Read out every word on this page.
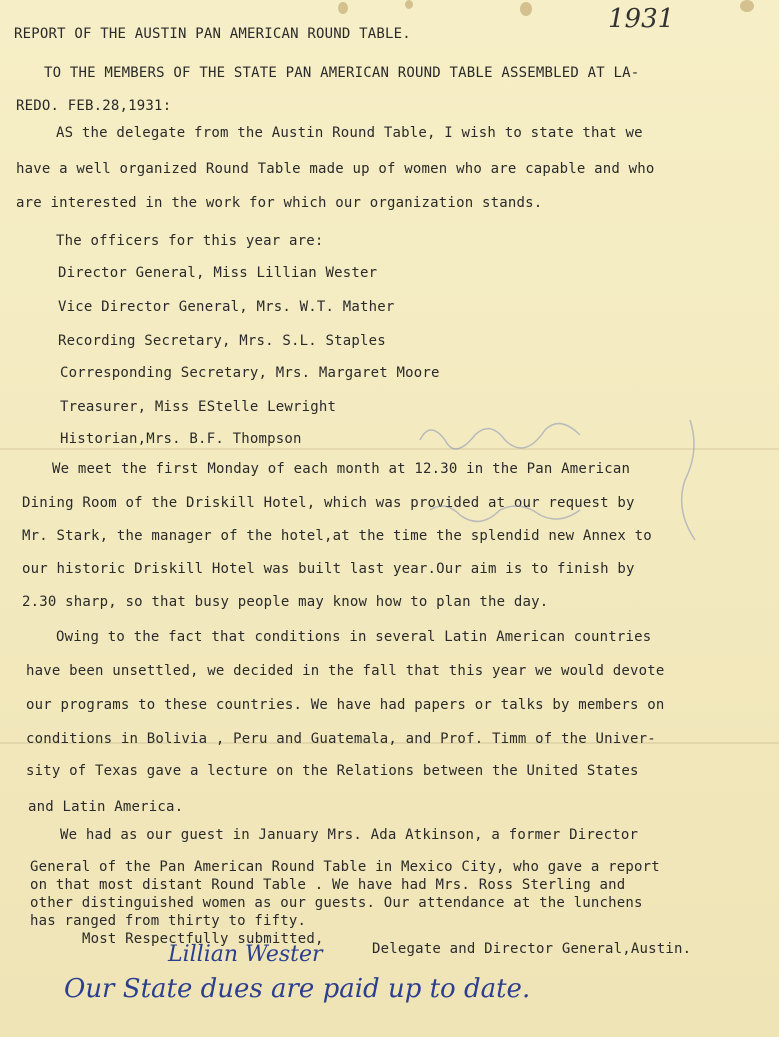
1931
REPORT OF THE AUSTIN PAN AMERICAN ROUND TABLE.
TO THE MEMBERS OF THE STATE PAN AMERICAN ROUND TABLE ASSEMBLED AT LA-
REDO. FEB.28,1931:
AS the delegate from the Austin Round Table, I wish to state that we
have a well organized Round Table made up of women who are capable and who
are interested in the work for which our organization stands.
The officers for this year are:
Director General, Miss Lillian Wester
Vice Director General, Mrs. W.T. Mather
Recording Secretary, Mrs. S.L. Staples
Corresponding Secretary, Mrs. Margaret Moore
Treasurer, Miss EStelle Lewright
Historian,Mrs. B.F. Thompson
We meet the first Monday of each month at 12.30 in the Pan American
Dining Room of the Driskill Hotel, which was provided at our request by
Mr. Stark, the manager of the hotel,at the time the splendid new Annex to
our historic Driskill Hotel was built last year.Our aim is to finish by
2.30 sharp, so that busy people may know how to plan the day.
Owing to the fact that conditions in several Latin American countries
have been unsettled, we decided in the fall that this year we would devote
our programs to these countries. We have had papers or talks by members on
conditions in Bolivia , Peru and Guatemala, and Prof. Timm of the Univer-
sity of Texas gave a lecture on the Relations between the United States
and Latin America.
We had as our guest in January Mrs. Ada Atkinson, a former Director
General of the Pan American Round Table in Mexico City, who gave a report
on that most distant Round Table . We have had Mrs. Ross Sterling and
other distinguished women as our guests. Our attendance at the lunchens
has ranged from thirty to fifty.
Most Respectfully submitted,
Lillian Wester	Delegate and Director General,Austin.
Our State dues are paid up to date.
